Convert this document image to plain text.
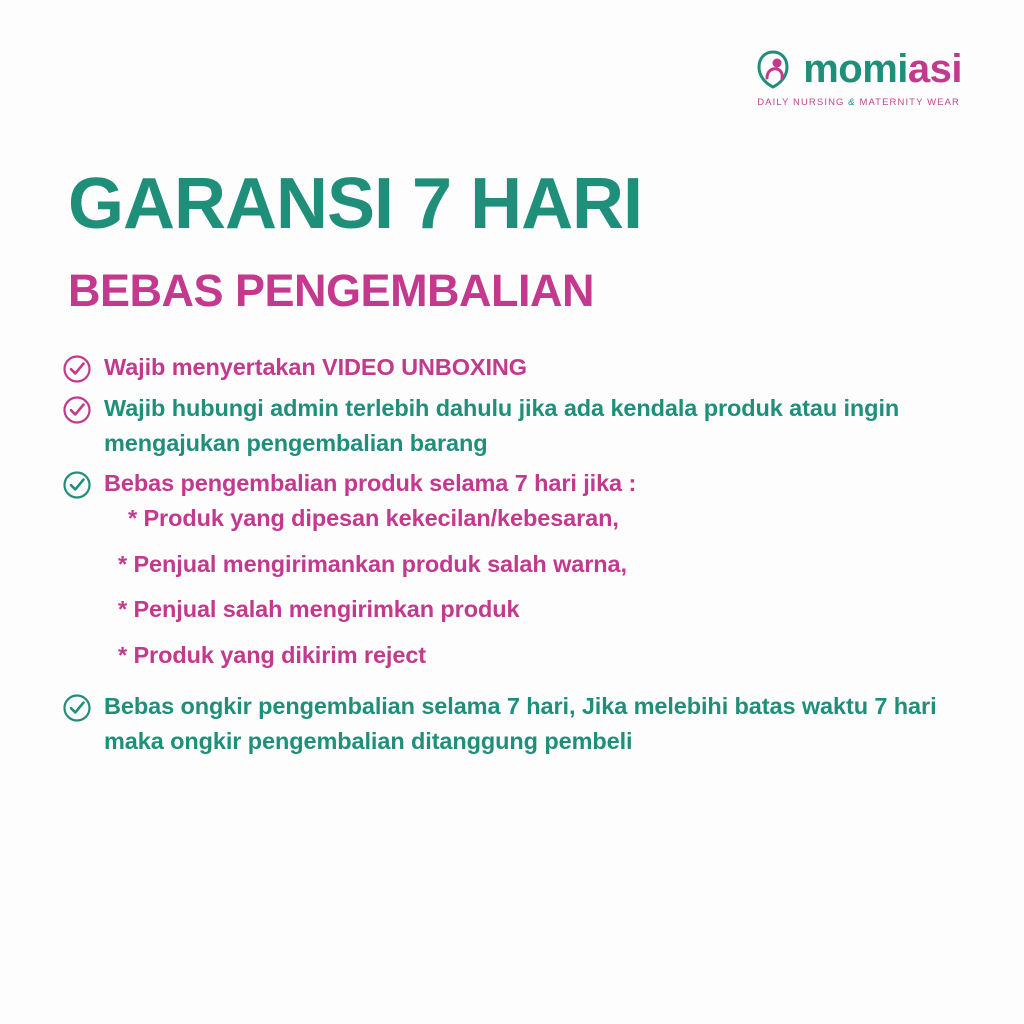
momiasi
DAILY NURSING & MATERNITY WEAR
GARANSI 7 HARI
BEBAS PENGEMBALIAN
Wajib menyertakan VIDEO UNBOXING
Wajib hubungi admin terlebih dahulu jika ada kendala produk atau ingin mengajukan pengembalian barang
Bebas pengembalian produk selama 7 hari jika :
* Produk yang dipesan kekecilan/kebesaran,
* Penjual mengirimankan produk salah warna,
* Penjual salah mengirimkan produk
* Produk yang dikirim reject
Bebas ongkir pengembalian selama 7 hari, Jika melebihi batas waktu 7 hari maka ongkir pengembalian ditanggung pembeli
